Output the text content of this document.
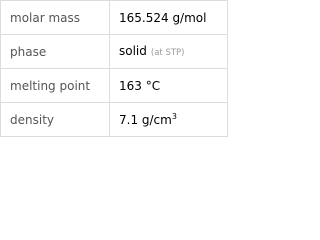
molar mass	165.524 g/mol
phase	solid (at STP)
melting point	163 °C
density	7.1 $g/cm^3$
